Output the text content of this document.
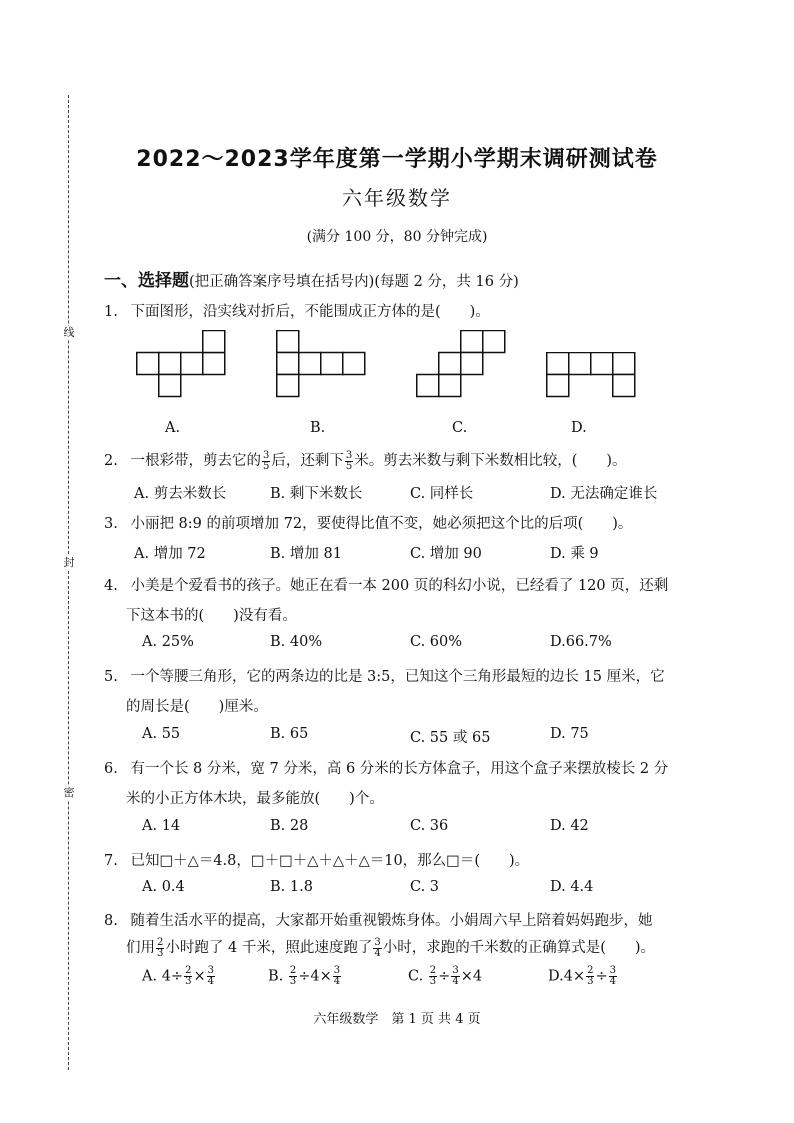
线
封
密
2022～2023学年度第一学期小学期末调研测试卷
六年级数学
(满分 100 分，80 分钟完成)
一、选择题(把正确答案序号填在括号内)(每题 2 分，共 16 分)
1. 下面图形，沿实线对折后，不能围成正方体的是(　　)。
A.	B.	C.	D.
2. 一根彩带，剪去它的 $\frac{3}{5}$ 后，还剩下 $\frac{3}{5}$ 米。剪去米数与剩下米数相比较，(　　)。
A. 剪去米数长	B. 剩下米数长	C. 同样长	D. 无法确定谁长
3. 小丽把 8:9 的前项增加 72，要使得比值不变，她必须把这个比的后项(　　)。
A. 增加 72	B. 增加 81	C. 增加 90	D. 乘 9
4. 小美是个爱看书的孩子。她正在看一本 200 页的科幻小说，已经看了 120 页，还剩
下这本书的(　　)没有看。
A. 25%	B. 40%	C. 60%	D.66.7%
5. 一个等腰三角形，它的两条边的比是 3:5，已知这个三角形最短的边长 15 厘米，它
的周长是(　　)厘米。
A. 55	B. 65	C. 55 或 65	D. 75
6. 有一个长 8 分米，宽 7 分米，高 6 分米的长方体盒子，用这个盒子来摆放棱长 2 分
米的小正方体木块，最多能放(　　)个。
A. 14	B. 28	C. 36	D. 42
7. 已知□＋△＝4.8，□＋□＋△＋△＋△＝10，那么□＝(　　)。
A. 0.4	B. 1.8	C. 3	D. 4.4
8. 随着生活水平的提高，大家都开始重视锻炼身体。小娟周六早上陪着妈妈跑步，她
们用 $\frac{2}{3}$ 小时跑了 4 千米，照此速度跑了 $\frac{3}{4}$ 小时，求跑的千米数的正确算式是(　　)。
A. $4\div \frac{2}{3} \times \frac{3}{4}$	B. $\frac{2}{3} \div 4\times \frac{3}{4}$	C. $\frac{2}{3} \div \frac{3}{4} \times 4$	$D.4\times \frac{2}{3} \div \frac{3}{4}$
六年级数学　第 1 页 共 4 页
